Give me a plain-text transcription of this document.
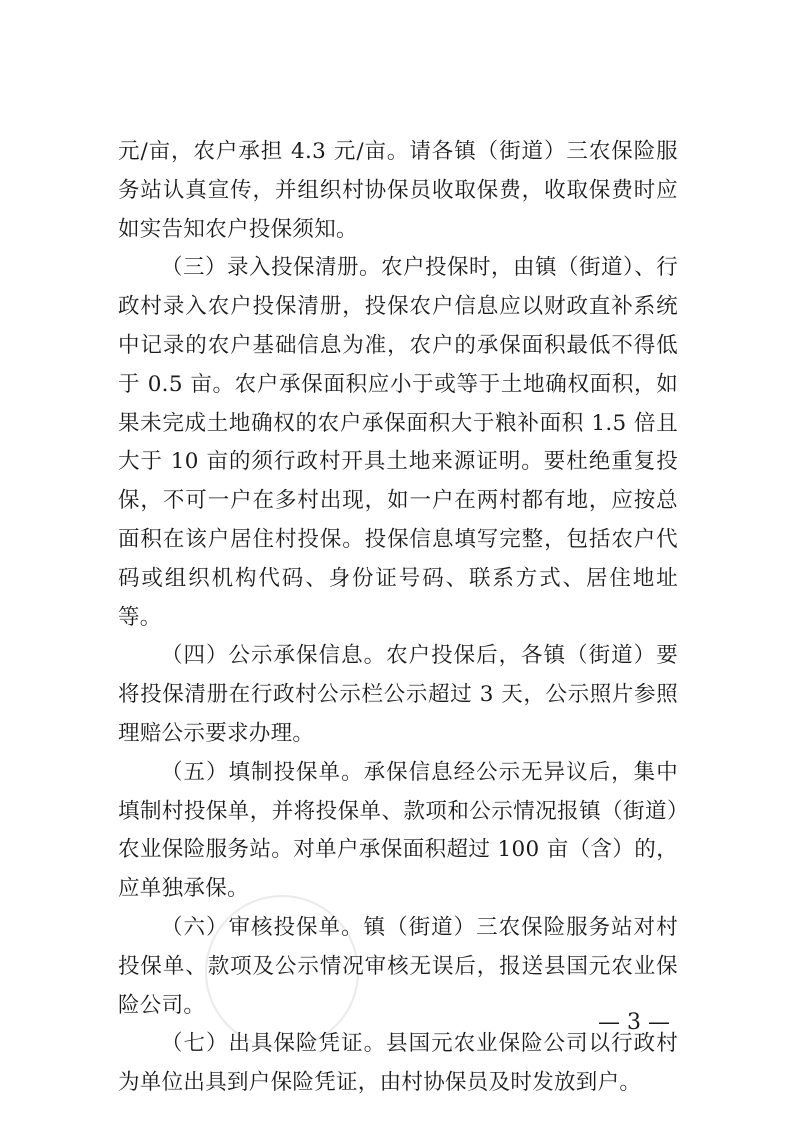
元/亩，农户承担 4.3 元/亩。请各镇（街道）三农保险服务站认真宣传，并组织村协保员收取保费，收取保费时应如实告知农户投保须知。

（三）录入投保清册。农户投保时，由镇（街道）、行政村录入农户投保清册，投保农户信息应以财政直补系统中记录的农户基础信息为准，农户的承保面积最低不得低于 0.5 亩。农户承保面积应小于或等于土地确权面积，如果未完成土地确权的农户承保面积大于粮补面积 1.5 倍且大于 10 亩的须行政村开具土地来源证明。要杜绝重复投保，不可一户在多村出现，如一户在两村都有地，应按总面积在该户居住村投保。投保信息填写完整，包括农户代码或组织机构代码、身份证号码、联系方式、居住地址等。

（四）公示承保信息。农户投保后，各镇（街道）要将投保清册在行政村公示栏公示超过 3 天，公示照片参照理赔公示要求办理。

（五）填制投保单。承保信息经公示无异议后，集中填制村投保单，并将投保单、款项和公示情况报镇（街道）农业保险服务站。对单户承保面积超过 100 亩（含）的，应单独承保。

（六）审核投保单。镇（街道）三农保险服务站对村投保单、款项及公示情况审核无误后，报送县国元农业保险公司。

（七）出具保险凭证。县国元农业保险公司以行政村为单位出具到户保险凭证，由村协保员及时发放到户。

— 3 —
